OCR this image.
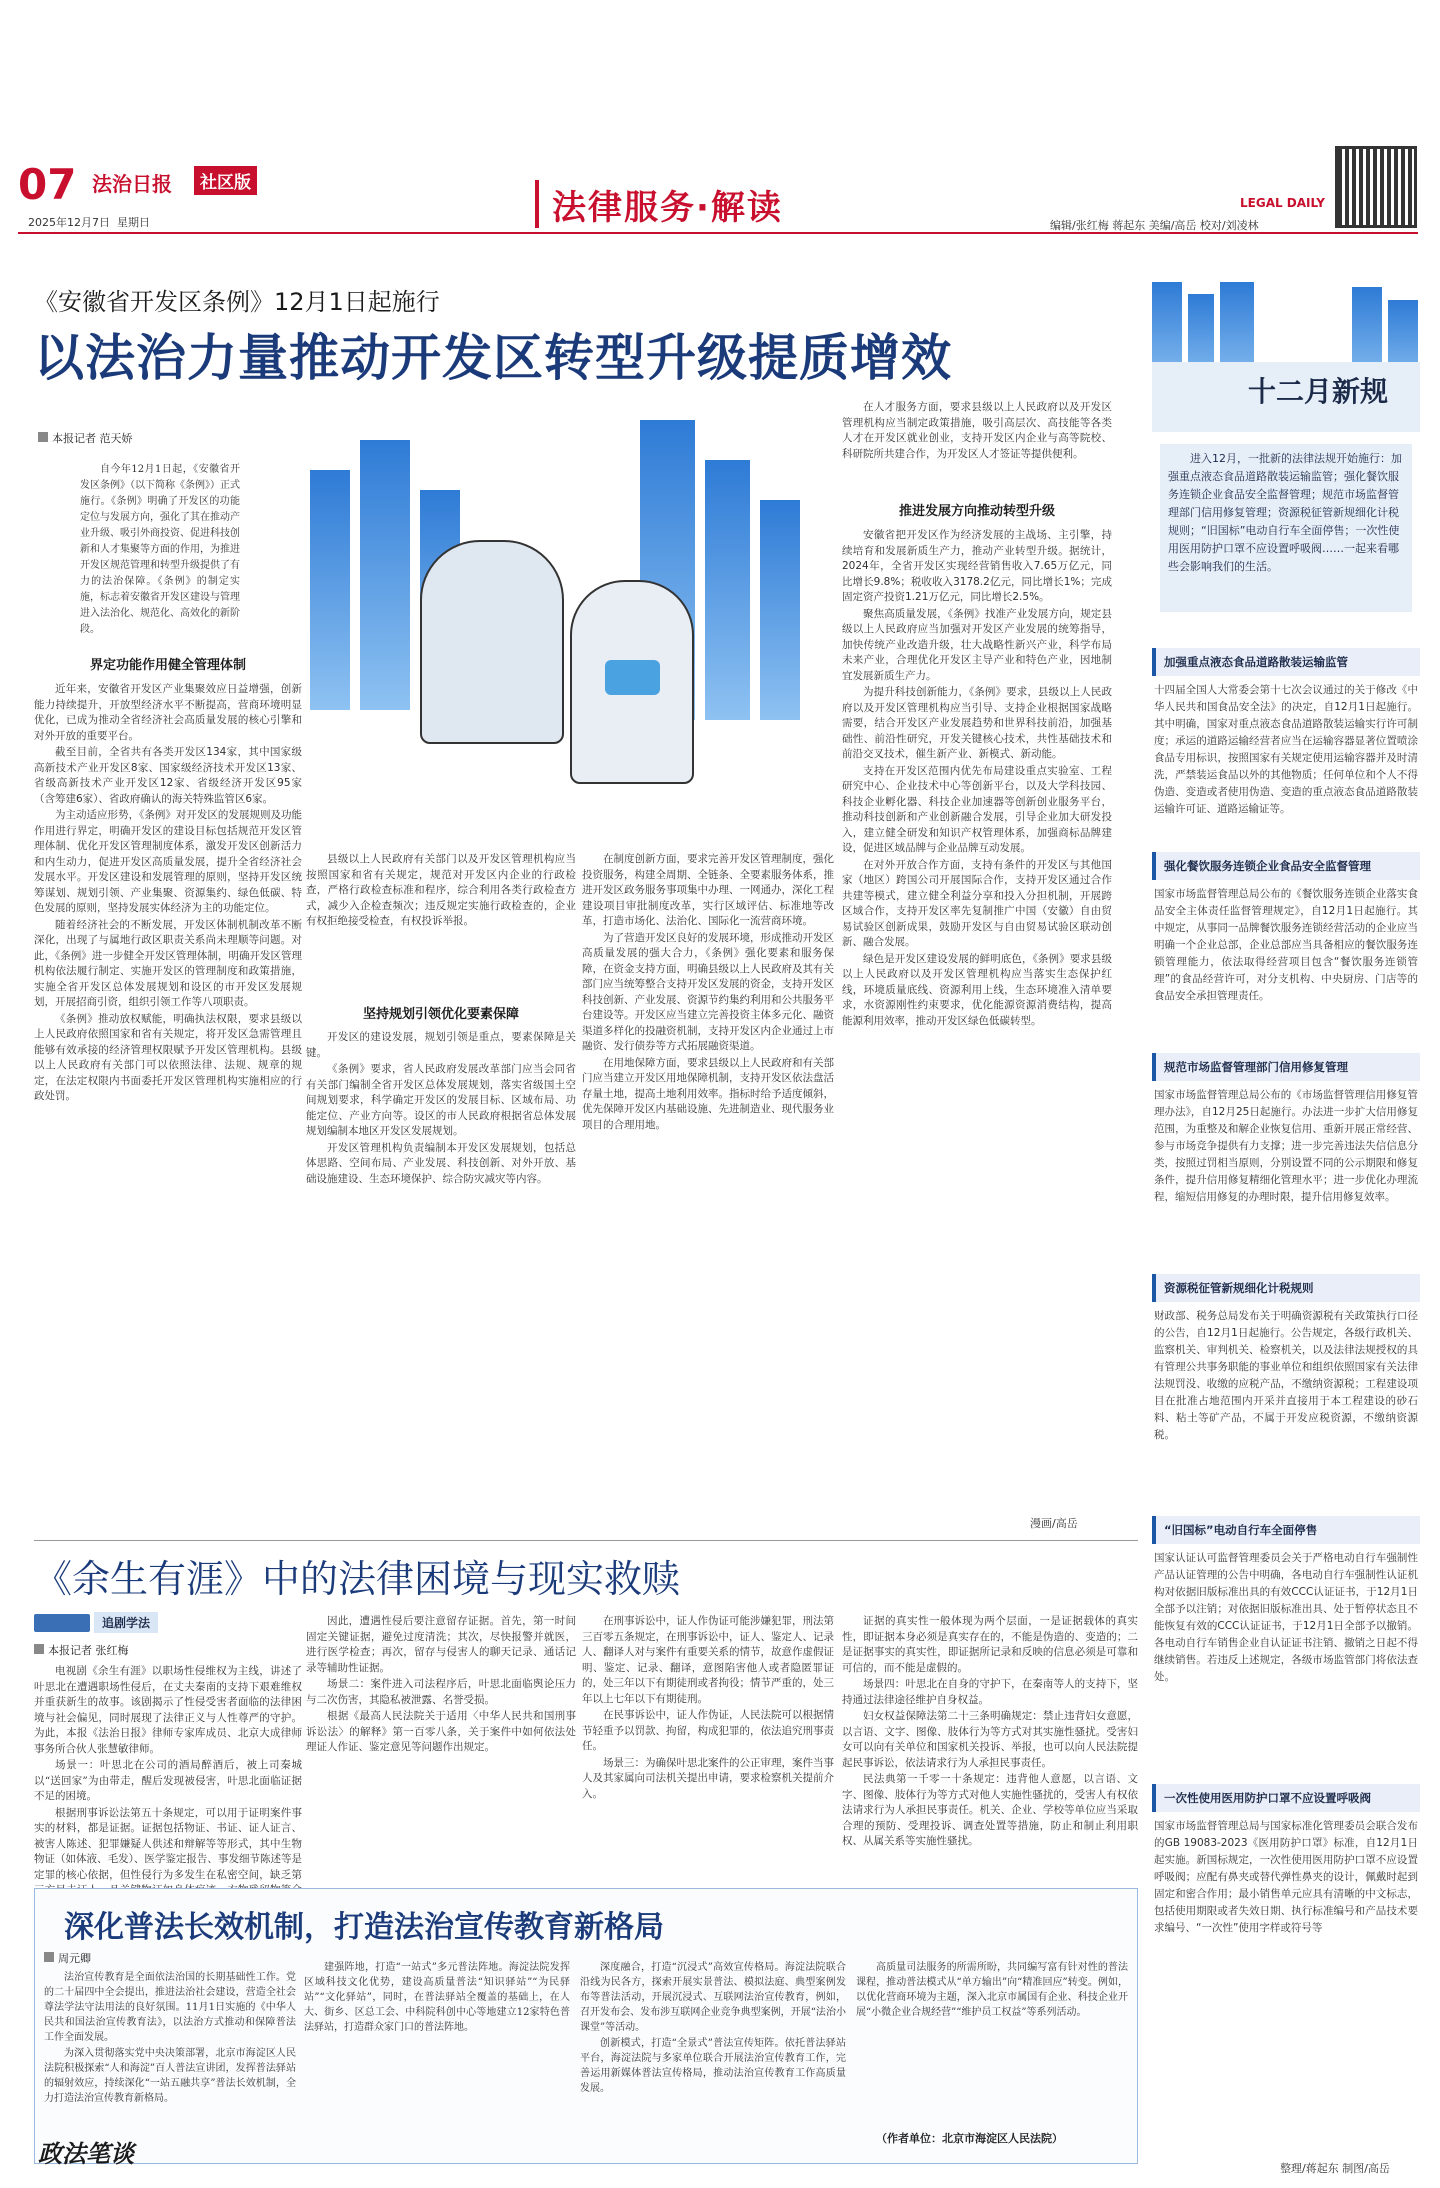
07 法治日报	社区版
2025年12月7日 星期日	法律服务·解读	LEGAL DAILY
编辑/张红梅 蒋起东 美编/高岳 校对/刘凌林
《安徽省开发区条例》12月1日起施行
以法治力量推动开发区转型升级提质增效
本报记者 范天娇

自今年12月1日起，《安徽省开发区条例》（以下简称《条例》）正式施行。《条例》明确了开发区的功能定位与发展方向，强化了其在推动产业升级、吸引外商投资、促进科技创新和人才集聚等方面的作用，为推进开发区规范管理和转型升级提供了有力的法治保障。《条例》的制定实施，标志着安徽省开发区建设与管理进入法治化、规范化、高效化的新阶段。

界定功能作用健全管理体制

近年来，安徽省开发区产业集聚效应日益增强，创新能力持续提升，开放型经济水平不断提高，营商环境明显优化，已成为推动全省经济社会高质量发展的核心引擎和对外开放的重要平台。

截至目前，全省共有各类开发区134家，其中国家级高新技术产业开发区8家、国家级经济技术开发区13家、省级高新技术产业开发区12家、省级经济开发区95家（含筹建6家）、省政府确认的海关特殊监管区6家。

为主动适应形势，《条例》对开发区的发展规则及功能作用进行界定，明确开发区的建设目标包括规范开发区管理体制、优化开发区管理制度体系，激发开发区创新活力和内生动力，促进开发区高质量发展，提升全省经济社会发展水平。开发区建设和发展管理的原则，坚持开发区统筹谋划、规划引领、产业集聚、资源集约、绿色低碳、特色发展的原则，坚持发展实体经济为主的功能定位。

随着经济社会的不断发展，开发区体制机制改革不断深化，出现了与属地行政区职责关系尚未理顺等问题。对此，《条例》进一步健全开发区管理体制，明确开发区管理机构依法履行制定、实施开发区的管理制度和政策措施，实施全省开发区总体发展规划和设区的市开发区发展规划，开展招商引资，组织引领工作等八项职责。

《条例》推动放权赋能，明确执法权限，要求县级以上人民政府依照国家和省有关规定，将开发区急需管理且能够有效承接的经济管理权限赋予开发区管理机构。县级以上人民政府有关部门可以依照法律、法规、规章的规定，在法定权限内书面委托开发区管理机构实施相应的行政处罚。

县级以上人民政府有关部门以及开发区管理机构应当按照国家和省有关规定，规范对开发区内企业的行政检查，严格行政检查标准和程序，综合利用各类行政检查方式，减少入企检查频次；违反规定实施行政检查的，企业有权拒绝接受检查，有权投诉举报。

坚持规划引领优化要素保障

开发区的建设发展，规划引领是重点，要素保障是关键。

《条例》要求，省人民政府发展改革部门应当会同省有关部门编制全省开发区总体发展规划，落实省级国土空间规划要求，科学确定开发区的发展目标、区域布局、功能定位、产业方向等。设区的市人民政府根据省总体发展规划编制本地区开发区发展规划。

开发区管理机构负责编制本开发区发展规划，包括总体思路、空间布局、产业发展、科技创新、对外开放、基础设施建设、生态环境保护、综合防灾减灾等内容。

在制度创新方面，要求完善开发区管理制度，强化投资服务，构建全周期、全链条、全要素服务体系，推进开发区政务服务事项集中办理、一网通办，深化工程建设项目审批制度改革，实行区域评估、标准地等改革，打造市场化、法治化、国际化一流营商环境。

为了营造开发区良好的发展环境，形成推动开发区高质量发展的强大合力，《条例》强化要素和服务保障，在资金支持方面，明确县级以上人民政府及其有关部门应当统筹整合支持开发区发展的资金，支持开发区科技创新、产业发展、资源节约集约利用和公共服务平台建设等。开发区应当建立完善投资主体多元化、融资渠道多样化的投融资机制，支持开发区内企业通过上市融资、发行债券等方式拓展融资渠道。

在用地保障方面，要求县级以上人民政府和有关部门应当建立开发区用地保障机制，支持开发区依法盘活存量土地，提高土地利用效率。指标时给予适度倾斜，优先保障开发区内基础设施、先进制造业、现代服务业项目的合理用地。

在人才服务方面，要求县级以上人民政府以及开发区管理机构应当制定政策措施，吸引高层次、高技能等各类人才在开发区就业创业，支持开发区内企业与高等院校、科研院所共建合作，为开发区人才签证等提供便利。

推进发展方向推动转型升级

安徽省把开发区作为经济发展的主战场、主引擎，持续培育和发展新质生产力，推动产业转型升级。据统计，2024年，全省开发区实现经营销售收入7.65万亿元，同比增长9.8%；税收收入3178.2亿元，同比增长1%；完成固定资产投资1.21万亿元，同比增长2.5%。

聚焦高质量发展，《条例》找准产业发展方向，规定县级以上人民政府应当加强对开发区产业发展的统筹指导，加快传统产业改造升级，壮大战略性新兴产业，科学布局未来产业，合理优化开发区主导产业和特色产业，因地制宜发展新质生产力。

为提升科技创新能力，《条例》要求，县级以上人民政府以及开发区管理机构应当引导、支持企业根据国家战略需要，结合开发区产业发展趋势和世界科技前沿，加强基础性、前沿性研究，开发关键核心技术，共性基础技术和前沿交叉技术，催生新产业、新模式、新动能。

支持在开发区范围内优先布局建设重点实验室、工程研究中心、企业技术中心等创新平台，以及大学科技园、科技企业孵化器、科技企业加速器等创新创业服务平台，推动科技创新和产业创新融合发展，引导企业加大研发投入，建立健全研发和知识产权管理体系，加强商标品牌建设，促进区域品牌与企业品牌互动发展。

在对外开放合作方面，支持有条件的开发区与其他国家（地区）跨国公司开展国际合作，支持开发区通过合作共建等模式，建立健全利益分享和投入分担机制，开展跨区域合作，支持开发区率先复制推广中国（安徽）自由贸易试验区创新成果，鼓励开发区与自由贸易试验区联动创新、融合发展。

绿色是开发区建设发展的鲜明底色，《条例》要求县级以上人民政府以及开发区管理机构应当落实生态保护红线，环境质量底线、资源利用上线，生态环境准入清单要求，水资源刚性约束要求，优化能源资源消费结构，提高能源利用效率，推动开发区绿色低碳转型。

漫画/高岳
十二月新规
进入12月，一批新的法律法规开始施行：加强重点液态食品道路散装运输监管；强化餐饮服务连锁企业食品安全监督管理；规范市场监督管理部门信用修复管理；资源税征管新规细化计税规则；“旧国标”电动自行车全面停售；一次性使用医用防护口罩不应设置呼吸阀……一起来看哪些会影响我们的生活。
加强重点液态食品道路散装运输监管
十四届全国人大常委会第十七次会议通过的关于修改《中华人民共和国食品安全法》的决定，自12月1日起施行。其中明确，国家对重点液态食品道路散装运输实行许可制度；承运的道路运输经营者应当在运输容器显著位置喷涂食品专用标识，按照国家有关规定使用运输容器并及时清洗，严禁装运食品以外的其他物质；任何单位和个人不得伪造、变造或者使用伪造、变造的重点液态食品道路散装运输许可证、道路运输证等。
强化餐饮服务连锁企业食品安全监督管理
国家市场监督管理总局公布的《餐饮服务连锁企业落实食品安全主体责任监督管理规定》，自12月1日起施行。其中规定，从事同一品牌餐饮服务连锁经营活动的企业应当明确一个企业总部，企业总部应当具备相应的餐饮服务连锁管理能力，依法取得经营项目包含“餐饮服务连锁管理”的食品经营许可，对分支机构、中央厨房、门店等的食品安全承担管理责任。
规范市场监督管理部门信用修复管理
国家市场监督管理总局公布的《市场监督管理信用修复管理办法》，自12月25日起施行。办法进一步扩大信用修复范围，为重整及和解企业恢复信用、重新开展正常经营、参与市场竞争提供有力支撑；进一步完善违法失信信息分类，按照过罚相当原则，分别设置不同的公示期限和修复条件，提升信用修复精细化管理水平；进一步优化办理流程，缩短信用修复的办理时限，提升信用修复效率。
资源税征管新规细化计税规则
财政部、税务总局发布关于明确资源税有关政策执行口径的公告，自12月1日起施行。公告规定，各级行政机关、监察机关、审判机关、检察机关，以及法律法规授权的具有管理公共事务职能的事业单位和组织依照国家有关法律法规罚没、收缴的应税产品，不缴纳资源税；工程建设项目在批准占地范围内开采并直接用于本工程建设的砂石料、粘土等矿产品，不属于开发应税资源，不缴纳资源税。
“旧国标”电动自行车全面停售
国家认证认可监督管理委员会关于严格电动自行车强制性产品认证管理的公告中明确，各电动自行车强制性认证机构对依据旧版标准出具的有效CCC认证证书，于12月1日全部予以注销；对依据旧版标准出具、处于暂停状态且不能恢复有效的CCC认证证书，于12月1日全部予以撤销。各电动自行车销售企业自认证证书注销、撤销之日起不得继续销售。若违反上述规定，各级市场监管部门将依法查处。
一次性使用医用防护口罩不应设置呼吸阀
国家市场监督管理总局与国家标准化管理委员会联合发布的GB 19083-2023《医用防护口罩》标准，自12月1日起实施。新国标规定，一次性使用医用防护口罩不应设置呼吸阀；应配有鼻夹或替代弹性鼻夹的设计，佩戴时起到固定和密合作用；最小销售单元应具有清晰的中文标志，包括使用期限或者失效日期、执行标准编号和产品技术要求编号、“一次性”使用字样或符号等
整理/蒋起东 制图/高岳
《余生有涯》中的法律困境与现实救赎
追剧学法
本报记者 张红梅

电视剧《余生有涯》以职场性侵维权为主线，讲述了叶思北在遭遇职场性侵后，在丈夫秦南的支持下艰难维权并重获新生的故事。该剧揭示了性侵受害者面临的法律困境与社会偏见，同时展现了法律正义与人性尊严的守护。为此，本报《法治日报》律师专家库成员、北京大成律师事务所合伙人张慧敏律师。

场景一：叶思北在公司的酒局醉酒后，被上司秦城以“送回家”为由带走，醒后发现被侵害，叶思北面临证据不足的困境。

根据刑事诉讼法第五十条规定，可以用于证明案件事实的材料，都是证据。证据包括物证、书证、证人证言、被害人陈述、犯罪嫌疑人供述和辩解等等形式，其中生物物证（如体液、毛发）、医学鉴定报告、事发细节陈述等是定罪的核心依据，但性侵行为多发生在私密空间，缺乏第

因此，遭遇性侵后要注意留存证据。首先，第一时间固定关键证据，避免过度清洗；其次，尽快报警并就医，进行医学检查；再次，留存与侵害人的聊天记录、通话记录等辅助性证据。

场景二：案件进入司法程序后，叶思北面临舆论压力与二次伤害，其隐私被泄露、名誉受损。

根据《最高人民法院关于适用〈中华人民共和国刑事诉讼法〉的解释》第一百零八条，关于案件中如何依法处理证人作证、鉴定意见等问题作出规定。

在刑事诉讼中，证人作伪证可能涉嫌犯罪，刑法第三百零五条规定，在刑事诉讼中，证人、鉴定人、记录人、翻译人对与案件有重要关系的情节，故意作虚假证明、鉴定、记录、翻译，意图陷害他人或者隐匿罪证的，处三年以下有期徒刑或者拘役；情节严重的，处三年以上七年以下有期徒刑。

在民事诉讼中，证人作伪证，人民法院可以根据情节轻重予以罚款、拘留，构成犯罪的，依法追究刑事责任。

场景三：为确保叶思北案件的公正审理，案件当事人及其家属向司法机关提出申请，要求检察机关提前介入。

证据的真实性一般体现为两个层面，一是证据载体的真实性，即证据本身必须是真实存在的，不能是伪造的、变造的；二是证据事实的真实性，即证据所记录和反映的信息必须是可靠和可信的，而不能是虚假的。

场景四：叶思北在自身的守护下，在秦南等人的支持下，坚持通过法律途径维护自身权益。

妇女权益保障法第二十三条明确规定：禁止违背妇女意愿，以言语、文字、图像、肢体行为等方式对其实施性骚扰。受害妇女可以向有关单位和国家机关投诉、举报，也可以向人民法院提起民事诉讼，依法请求行为人承担民事责任。

民法典第一千零一十条规定：违背他人意愿，以言语、文字、图像、肢体行为等方式对他人实施性骚扰的，受害人有权依法请求行为人承担民事责任。机关、企业、学校等单位应当采取合理的预防、受理投诉、调查处置等措施，防止和制止利用职权、从属关系等实施性骚扰。

深化普法长效机制，打造法治宣传教育新格局
周元卿

法治宣传教育是全面依法治国的长期基础性工作。党的二十届四中全会提出，推进法治社会建设，营造全社会尊法学法守法用法的良好氛围。11月1日实施的《中华人民共和国法治宣传教育法》，以法治方式推动和保障普法工作全面发展。

为深入贯彻落实党中央决策部署，北京市海淀区人民法院积极探索“人和海淀”百人普法宣讲团，发挥普法驿站的辐射效应，持续深化“一站五融共享”普法长效机制，全力打造法治宣传教育新格局。

建强阵地，打造“一站式”多元普法阵地。海淀法院发挥区域科技文化优势，建设高质量普法“知识驿站”“为民驿站”“文化驿站”，同时，在普法驿站全覆盖的基础上，在人大、街乡、区总工会、中科院科创中心等地建立12家特色普法驿站，打造群众家门口的普法阵地。

深度融合，打造“沉浸式”高效宣传格局。海淀法院联合沿线为民各方，探索开展实景普法、模拟法庭、典型案例发布等普法活动，开展沉浸式、互联网法治宣传教育，例如，召开发布会、发布涉互联网企业竞争典型案例，开展“法治小课堂”等活动。

创新模式，打造“全景式”普法宣传矩阵。依托普法驿站平台，海淀法院与多家单位联合开展法治宣传教育工作，完善运用新媒体普法宣传格局，推动法治宣传教育工作高质量发展。

高质量司法服务的所需所盼，共同编写富有针对性的普法课程，推动普法模式从“单方输出”向“精准回应”转变。例如，以优化营商环境为主题，深入北京市属国有企业、科技企业开展“小微企业合规经营”“维护员工权益”等系列活动。

（作者单位：北京市海淀区人民法院）
政法笔谈
